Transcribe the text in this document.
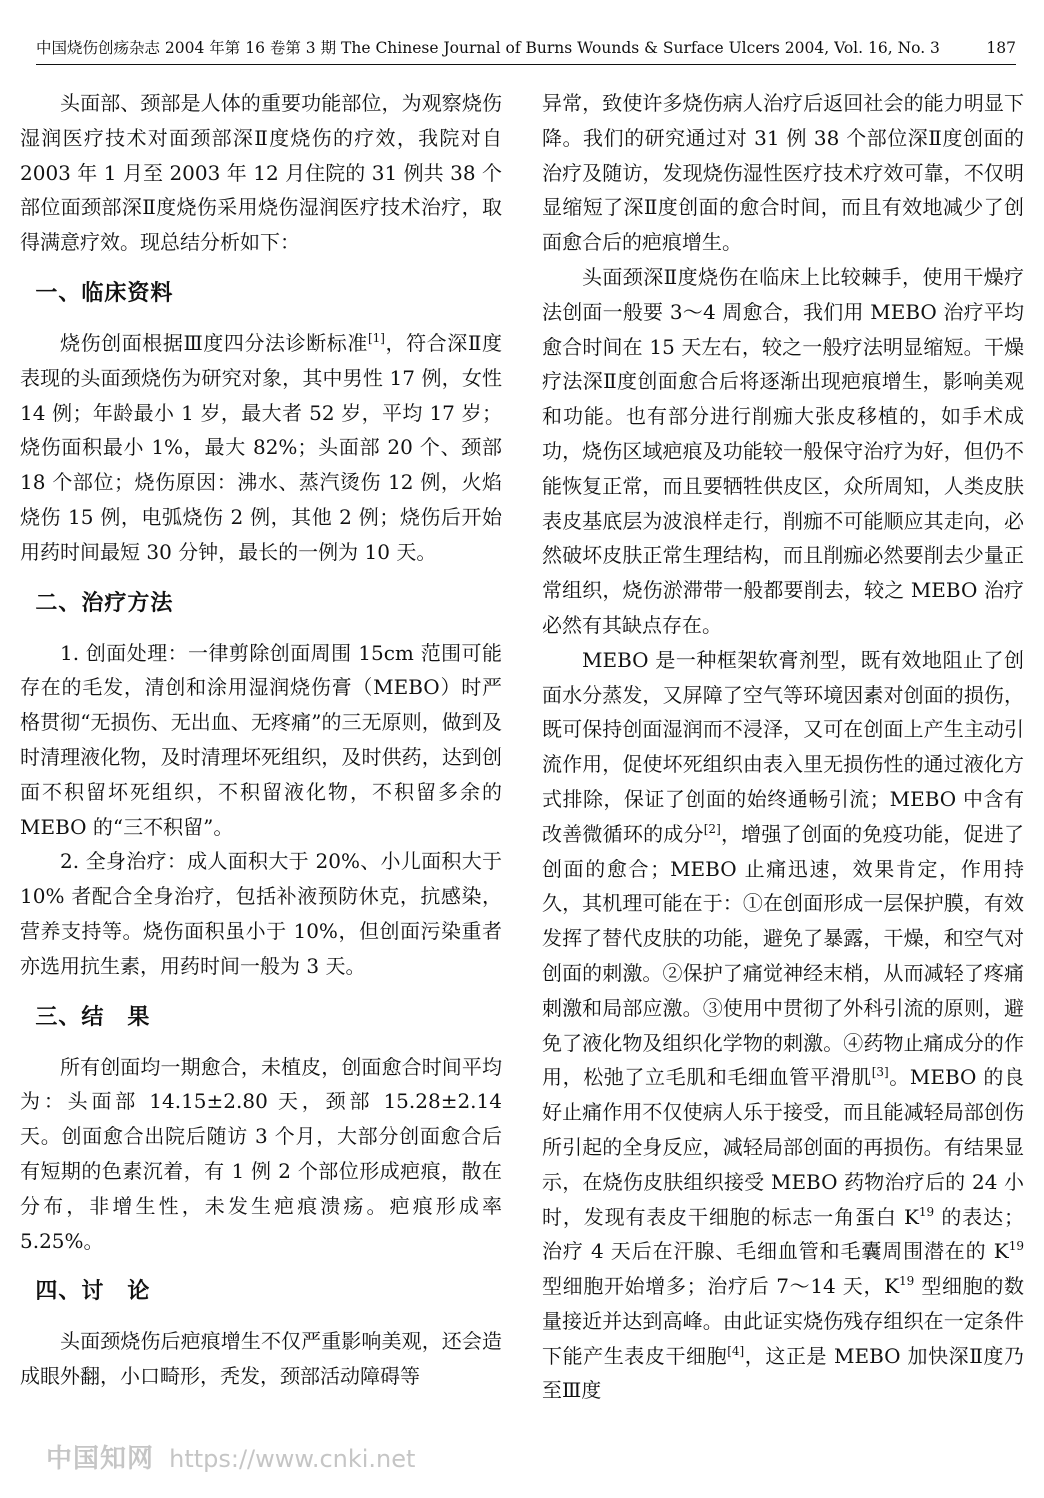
中国烧伤创疡杂志 2004 年第 16 卷第 3 期 The Chinese Journal of Burns Wounds & Surface Ulcers 2004, Vol. 16, No. 3	187

头面部、颈部是人体的重要功能部位，为观察烧伤湿润医疗技术对面颈部深Ⅱ度烧伤的疗效，我院对自 2003 年 1 月至 2003 年 12 月住院的 31 例共 38 个部位面颈部深Ⅱ度烧伤采用烧伤湿润医疗技术治疗，取得满意疗效。现总结分析如下：

一、临床资料

烧伤创面根据Ⅲ度四分法诊断标准[1]，符合深Ⅱ度表现的头面颈烧伤为研究对象，其中男性 17 例，女性 14 例；年龄最小 1 岁，最大者 52 岁，平均 17 岁；烧伤面积最小 1%，最大 82%；头面部 20 个、颈部 18 个部位；烧伤原因：沸水、蒸汽烫伤 12 例，火焰烧伤 15 例，电弧烧伤 2 例，其他 2 例；烧伤后开始用药时间最短 30 分钟，最长的一例为 10 天。

二、治疗方法

1. 创面处理：一律剪除创面周围 15cm 范围可能存在的毛发，清创和涂用湿润烧伤膏（MEBO）时严格贯彻“无损伤、无出血、无疼痛”的三无原则，做到及时清理液化物，及时清理坏死组织，及时供药，达到创面不积留坏死组织，不积留液化物，不积留多余的 MEBO 的“三不积留”。

2. 全身治疗：成人面积大于 20%、小儿面积大于 10% 者配合全身治疗，包括补液预防休克，抗感染，营养支持等。烧伤面积虽小于 10%，但创面污染重者亦选用抗生素，用药时间一般为 3 天。

三、结　果

所有创面均一期愈合，未植皮，创面愈合时间平均为：头面部 14.15±2.80 天，颈部 15.28±2.14 天。创面愈合出院后随访 3 个月，大部分创面愈合后有短期的色素沉着，有 1 例 2 个部位形成疤痕，散在分布，非增生性，未发生疤痕溃疡。疤痕形成率 5.25%。

四、讨　论

头面颈烧伤后疤痕增生不仅严重影响美观，还会造成眼外翻，小口畸形，秃发，颈部活动障碍等

异常，致使许多烧伤病人治疗后返回社会的能力明显下降。我们的研究通过对 31 例 38 个部位深Ⅱ度创面的治疗及随访，发现烧伤湿性医疗技术疗效可靠，不仅明显缩短了深Ⅱ度创面的愈合时间，而且有效地减少了创面愈合后的疤痕增生。

头面颈深Ⅱ度烧伤在临床上比较棘手，使用干燥疗法创面一般要 3～4 周愈合，我们用 MEBO 治疗平均愈合时间在 15 天左右，较之一般疗法明显缩短。干燥疗法深Ⅱ度创面愈合后将逐渐出现疤痕增生，影响美观和功能。也有部分进行削痂大张皮移植的，如手术成功，烧伤区域疤痕及功能较一般保守治疗为好，但仍不能恢复正常，而且要牺牲供皮区，众所周知，人类皮肤表皮基底层为波浪样走行，削痂不可能顺应其走向，必然破坏皮肤正常生理结构，而且削痂必然要削去少量正常组织，烧伤淤滞带一般都要削去，较之 MEBO 治疗必然有其缺点存在。

MEBO 是一种框架软膏剂型，既有效地阻止了创面水分蒸发，又屏障了空气等环境因素对创面的损伤，既可保持创面湿润而不浸泽，又可在创面上产生主动引流作用，促使坏死组织由表入里无损伤性的通过液化方式排除，保证了创面的始终通畅引流；MEBO 中含有改善微循环的成分[2]，增强了创面的免疫功能，促进了创面的愈合；MEBO 止痛迅速，效果肯定，作用持久，其机理可能在于：①在创面形成一层保护膜，有效发挥了替代皮肤的功能，避免了暴露，干燥，和空气对创面的刺激。②保护了痛觉神经末梢，从而减轻了疼痛刺激和局部应激。③使用中贯彻了外科引流的原则，避免了液化物及组织化学物的刺激。④药物止痛成分的作用，松弛了立毛肌和毛细血管平滑肌[3]。MEBO 的良好止痛作用不仅使病人乐于接受，而且能减轻局部创伤所引起的全身反应，减轻局部创面的再损伤。有结果显示，在烧伤皮肤组织接受 MEBO 药物治疗后的 24 小时，发现有表皮干细胞的标志一角蛋白 $K^{19}$ 的表达；治疗 4 天后在汗腺、毛细血管和毛囊周围潜在的 $K^{19}$ 型细胞开始增多；治疗后 7～14 天，$K^{19}$ 型细胞的数量接近并达到高峰。由此证实烧伤残存组织在一定条件下能产生表皮干细胞[4]，这正是 MEBO 加快深Ⅱ度乃至Ⅲ度

中国知网 https://www.cnki.net
